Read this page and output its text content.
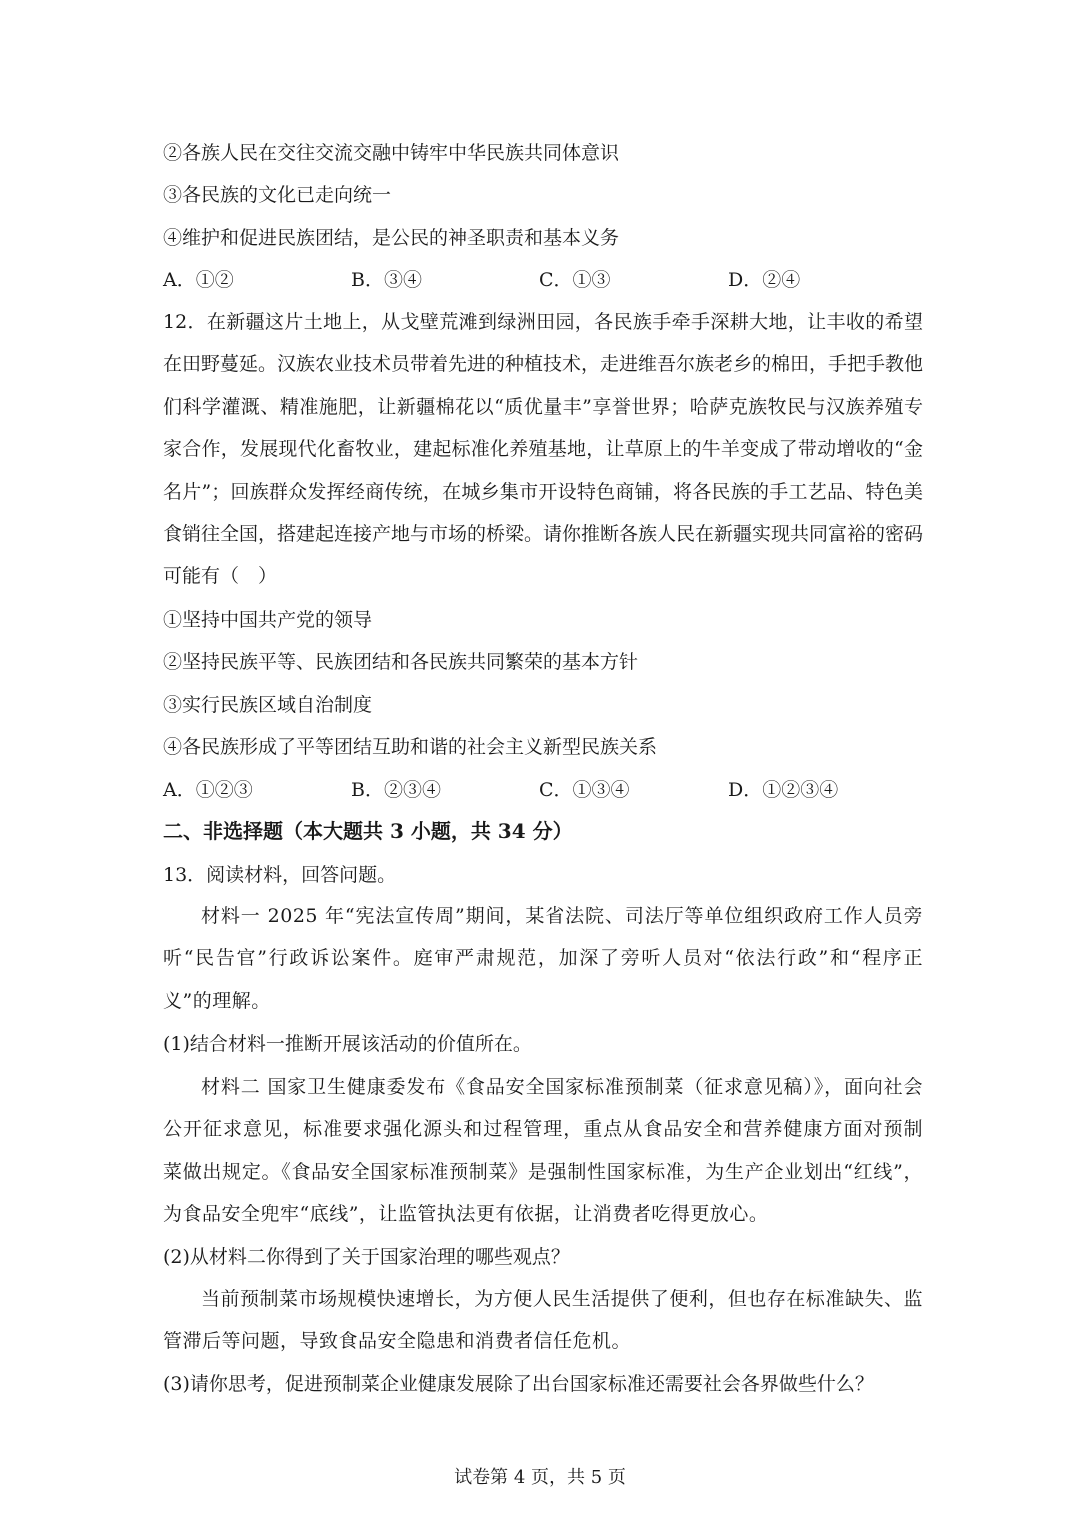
②各族人民在交往交流交融中铸牢中华民族共同体意识
③各民族的文化已走向统一
④维护和促进民族团结，是公民的神圣职责和基本义务
A．①②	B．③④	C．①③	D．②④
12．在新疆这片土地上，从戈壁荒滩到绿洲田园，各民族手牵手深耕大地，让丰收的希望在田野蔓延。汉族农业技术员带着先进的种植技术，走进维吾尔族老乡的棉田，手把手教他们科学灌溉、精准施肥，让新疆棉花以“质优量丰”享誉世界；哈萨克族牧民与汉族养殖专家合作，发展现代化畜牧业，建起标准化养殖基地，让草原上的牛羊变成了带动增收的“金名片”；回族群众发挥经商传统，在城乡集市开设特色商铺，将各民族的手工艺品、特色美食销往全国，搭建起连接产地与市场的桥梁。请你推断各族人民在新疆实现共同富裕的密码可能有（　）
①坚持中国共产党的领导
②坚持民族平等、民族团结和各民族共同繁荣的基本方针
③实行民族区域自治制度
④各民族形成了平等团结互助和谐的社会主义新型民族关系
A．①②③	B．②③④	C．①③④	D．①②③④
二、非选择题（本大题共 3 小题，共 34 分）
13．阅读材料，回答问题。
材料一 2025 年“宪法宣传周”期间，某省法院、司法厅等单位组织政府工作人员旁听“民告官”行政诉讼案件。庭审严肃规范，加深了旁听人员对“依法行政”和“程序正义”的理解。
(1)结合材料一推断开展该活动的价值所在。
材料二 国家卫生健康委发布《食品安全国家标准预制菜（征求意见稿）》，面向社会公开征求意见，标准要求强化源头和过程管理，重点从食品安全和营养健康方面对预制菜做出规定。《食品安全国家标准预制菜》是强制性国家标准，为生产企业划出“红线”，为食品安全兜牢“底线”，让监管执法更有依据，让消费者吃得更放心。
(2)从材料二你得到了关于国家治理的哪些观点？
当前预制菜市场规模快速增长，为方便人民生活提供了便利，但也存在标准缺失、监管滞后等问题，导致食品安全隐患和消费者信任危机。
(3)请你思考，促进预制菜企业健康发展除了出台国家标准还需要社会各界做些什么？
试卷第 4 页，共 5 页
